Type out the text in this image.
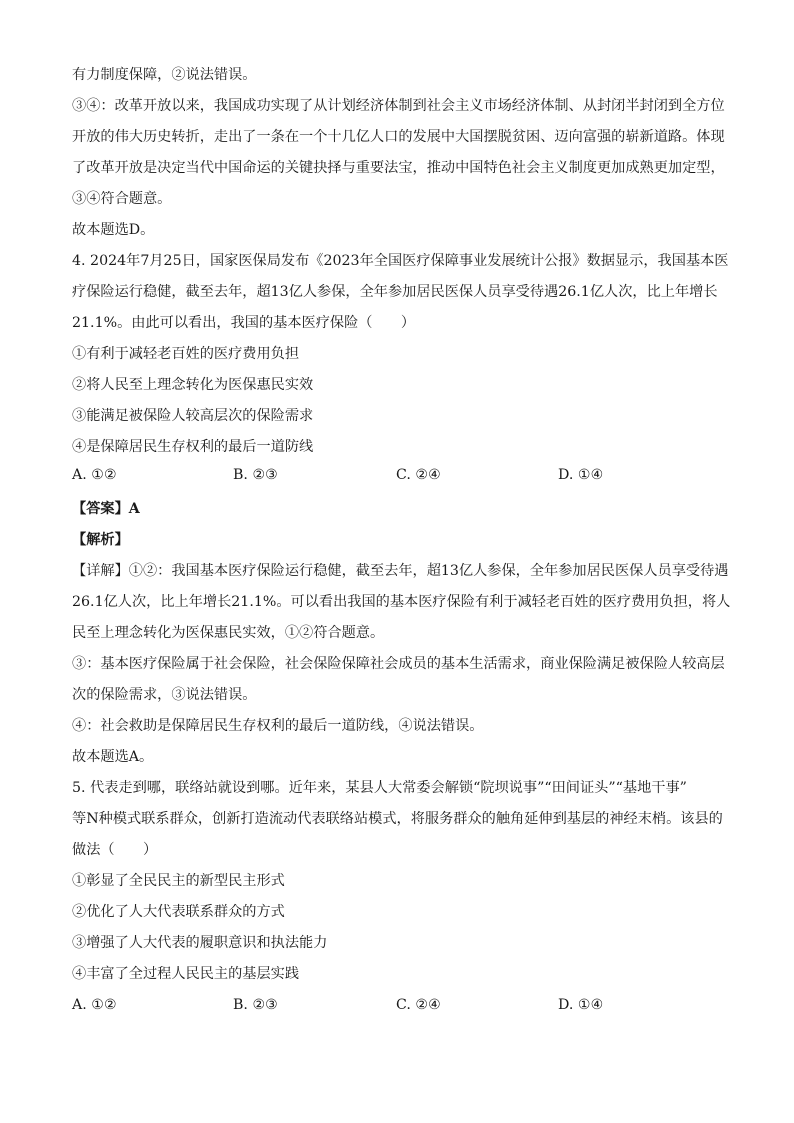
有力制度保障，②说法错误。
③④：改革开放以来，我国成功实现了从计划经济体制到社会主义市场经济体制、从封闭半封闭到全方位
开放的伟大历史转折，走出了一条在一个十几亿人口的发展中大国摆脱贫困、迈向富强的崭新道路。体现
了改革开放是决定当代中国命运的关键抉择与重要法宝，推动中国特色社会主义制度更加成熟更加定型，
③④符合题意。
故本题选D。
4. 2024年7月25日，国家医保局发布《2023年全国医疗保障事业发展统计公报》数据显示，我国基本医
疗保险运行稳健，截至去年，超13亿人参保，全年参加居民医保人员享受待遇26.1亿人次，比上年增长
21.1%。由此可以看出，我国的基本医疗保险（　　）
①有利于减轻老百姓的医疗费用负担
②将人民至上理念转化为医保惠民实效
③能满足被保险人较高层次的保险需求
④是保障居民生存权利的最后一道防线
A. ①②	B. ②③	C. ②④	D. ①④
【答案】A
【解析】
【详解】①②：我国基本医疗保险运行稳健，截至去年，超13亿人参保，全年参加居民医保人员享受待遇
26.1亿人次，比上年增长21.1%。可以看出我国的基本医疗保险有利于减轻老百姓的医疗费用负担，将人
民至上理念转化为医保惠民实效，①②符合题意。
③：基本医疗保险属于社会保险，社会保险保障社会成员的基本生活需求，商业保险满足被保险人较高层
次的保险需求，③说法错误。
④：社会救助是保障居民生存权利的最后一道防线，④说法错误。
故本题选A。
5. 代表走到哪，联络站就设到哪。近年来，某县人大常委会解锁“院坝说事”“田间证头”“基地干事”
等N种模式联系群众，创新打造流动代表联络站模式，将服务群众的触角延伸到基层的神经末梢。该县的
做法（　　）
①彰显了全民民主的新型民主形式
②优化了人大代表联系群众的方式
③增强了人大代表的履职意识和执法能力
④丰富了全过程人民民主的基层实践
A. ①②	B. ②③	C. ②④	D. ①④
